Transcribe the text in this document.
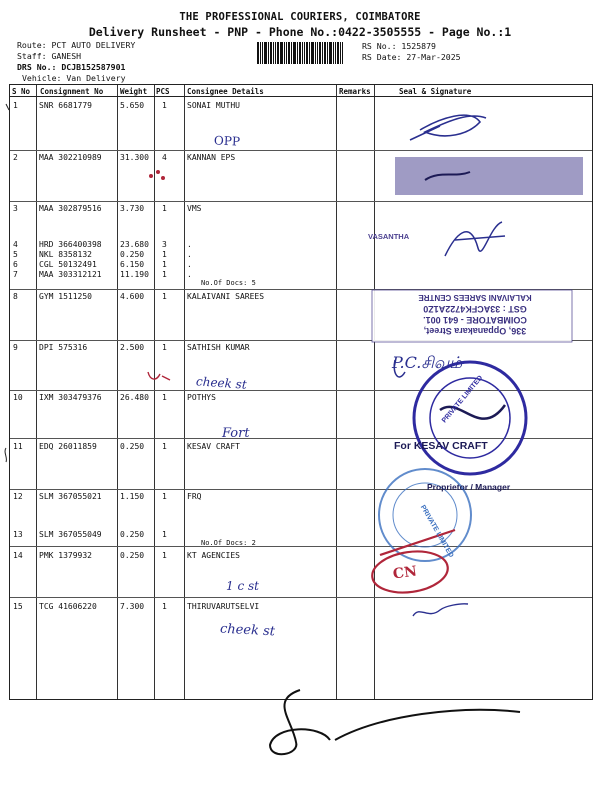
THE PROFESSIONAL COURIERS, COIMBATORE
Delivery Runsheet - PNP - Phone No.:0422-3505555 - Page No.:1
Route: PCT AUTO DELIVERY
Staff: GANESH
DRS No.: DCJB152587901
Vehicle: Van Delivery
RS No.: 1525879
RS Date: 27-Mar-2025
S No Consignment No Weight PCS Consignee Details	Remarks	Seal & Signature
1	SNR 6681779	5.650 1	SONAI MUTHU
2	MAA 302210989 31.300 4	KANNAN EPS
3	MAA 302879516 3.730 1	VMS
4	HRD 366400398 23.680 3	.
5	NKL 8358132	0.250 1	.
6	CGL 50132491	6.150 1	.
7	MAA 303312121 11.190 1	.
8	GYM 1511250	4.600 1	KALAIVANI SAREES
9	DPI 575316	2.500 1	SATHISH KUMAR
10 IXM 303479376 26.480 1	POTHYS
11 EDQ 26011859	0.250 1	KESAV CRAFT
12 SLM 367055021 1.150 1	FRQ
13 SLM 367055049 0.250 1
14 PMK 1379932	0.250 1	KT AGENCIES
15 TCG 41606220	7.300 1	THIRUVARUTSELVI
No.Of Docs: 5
No.Of Docs: 2
OPP
cheek st
Fort
1 c st
cheek st
CN
P.C.சிவம்
VASANTHA
336, Oppanakara Street,
COIMBATORE - 641 001.
GST : 33ACFK4722A1Z0
KALAIVANI SAREES CENTRE
For KESAV CRAFT
Proprietor / Manager
PRIVATE LIMITED
PRIVATE LIMITED
